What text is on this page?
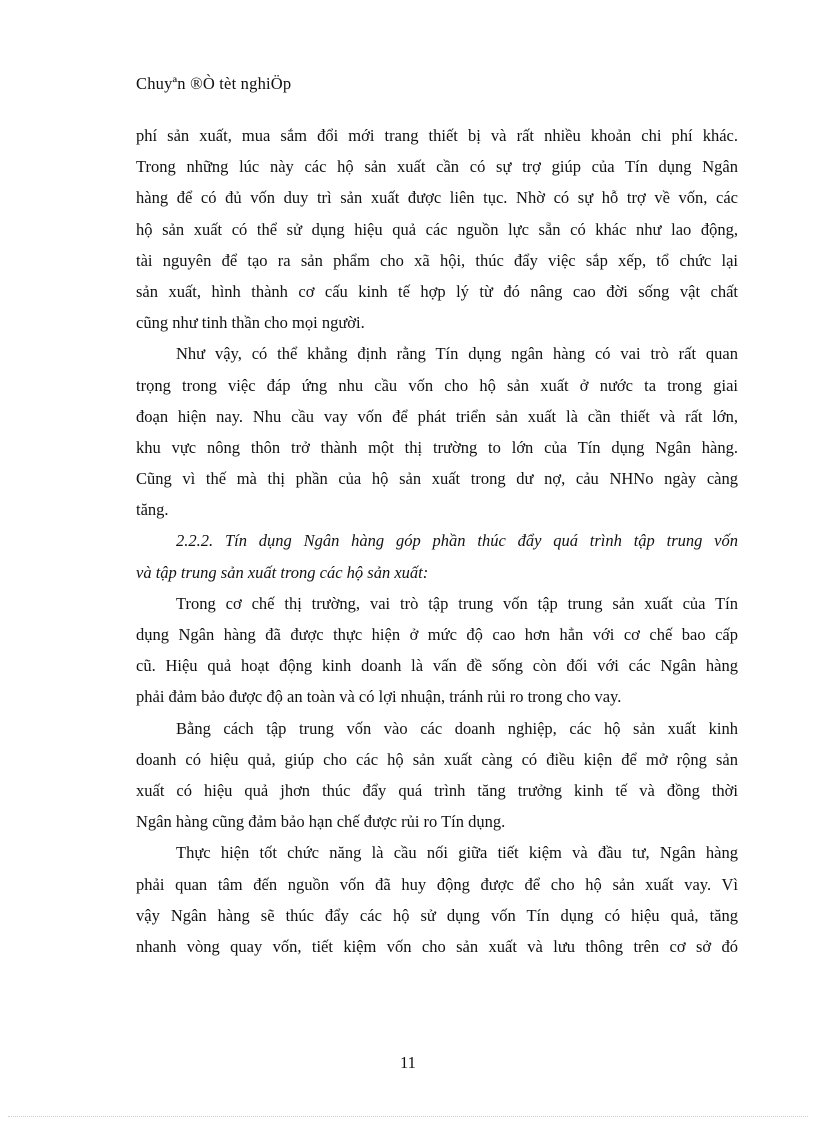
Chuyªn ®Ò tèt nghiÖp
phí sản xuất, mua sắm đổi mới trang thiết bị và rất nhiều khoản chi phí khác.
Trong những lúc này các hộ sản xuất cần có sự trợ giúp của Tín dụng Ngân
hàng để có đủ vốn duy trì sản xuất được liên tục. Nhờ có sự hỗ trợ về vốn, các
hộ sản xuất có thể sử dụng hiệu quả các nguồn lực sẵn có khác như lao động,
tài nguyên để tạo ra sản phẩm cho xã hội, thúc đẩy việc sắp xếp, tổ chức lại
sản xuất, hình thành cơ cấu kinh tế hợp lý từ đó nâng cao đời sống vật chất
cũng như tinh thần cho mọi người.
Như vậy, có thể khẳng định rằng Tín dụng ngân hàng có vai trò rất quan
trọng trong việc đáp ứng nhu cầu vốn cho hộ sản xuất ở nước ta trong giai
đoạn hiện nay. Nhu cầu vay vốn để phát triển sản xuất là cần thiết và rất lớn,
khu vực nông thôn trở thành một thị trường to lớn của Tín dụng Ngân hàng.
Cũng vì thế mà thị phần của hộ sản xuất trong dư nợ, cảu NHNo ngày càng
tăng.
2.2.2. Tín dụng Ngân hàng góp phần thúc đẩy quá trình tập trung vốn
và tập trung sản xuất trong các hộ sản xuất:
Trong cơ chế thị trường, vai trò tập trung vốn tập trung sản xuất của Tín
dụng Ngân hàng đã được thực hiện ở mức độ cao hơn hẳn với cơ chế bao cấp
cũ. Hiệu quả hoạt động kinh doanh là vấn đề sống còn đối với các Ngân hàng
phải đảm bảo được độ an toàn và có lợi nhuận, tránh rủi ro trong cho vay.
Bằng cách tập trung vốn vào các doanh nghiệp, các hộ sản xuất kinh
doanh có hiệu quả, giúp cho các hộ sản xuất càng có điều kiện để mở rộng sản
xuất có hiệu quả jhơn thúc đẩy quá trình tăng trưởng kinh tế và đồng thời
Ngân hàng cũng đảm bảo hạn chế được rủi ro Tín dụng.
Thực hiện tốt chức năng là cầu nối giữa tiết kiệm và đầu tư, Ngân hàng
phải quan tâm đến nguồn vốn đã huy động được để cho hộ sản xuất vay. Vì
vậy Ngân hàng sẽ thúc đẩy các hộ sử dụng vốn Tín dụng có hiệu quả, tăng
nhanh vòng quay vốn, tiết kiệm vốn cho sản xuất và lưu thông trên cơ sở đó
11
